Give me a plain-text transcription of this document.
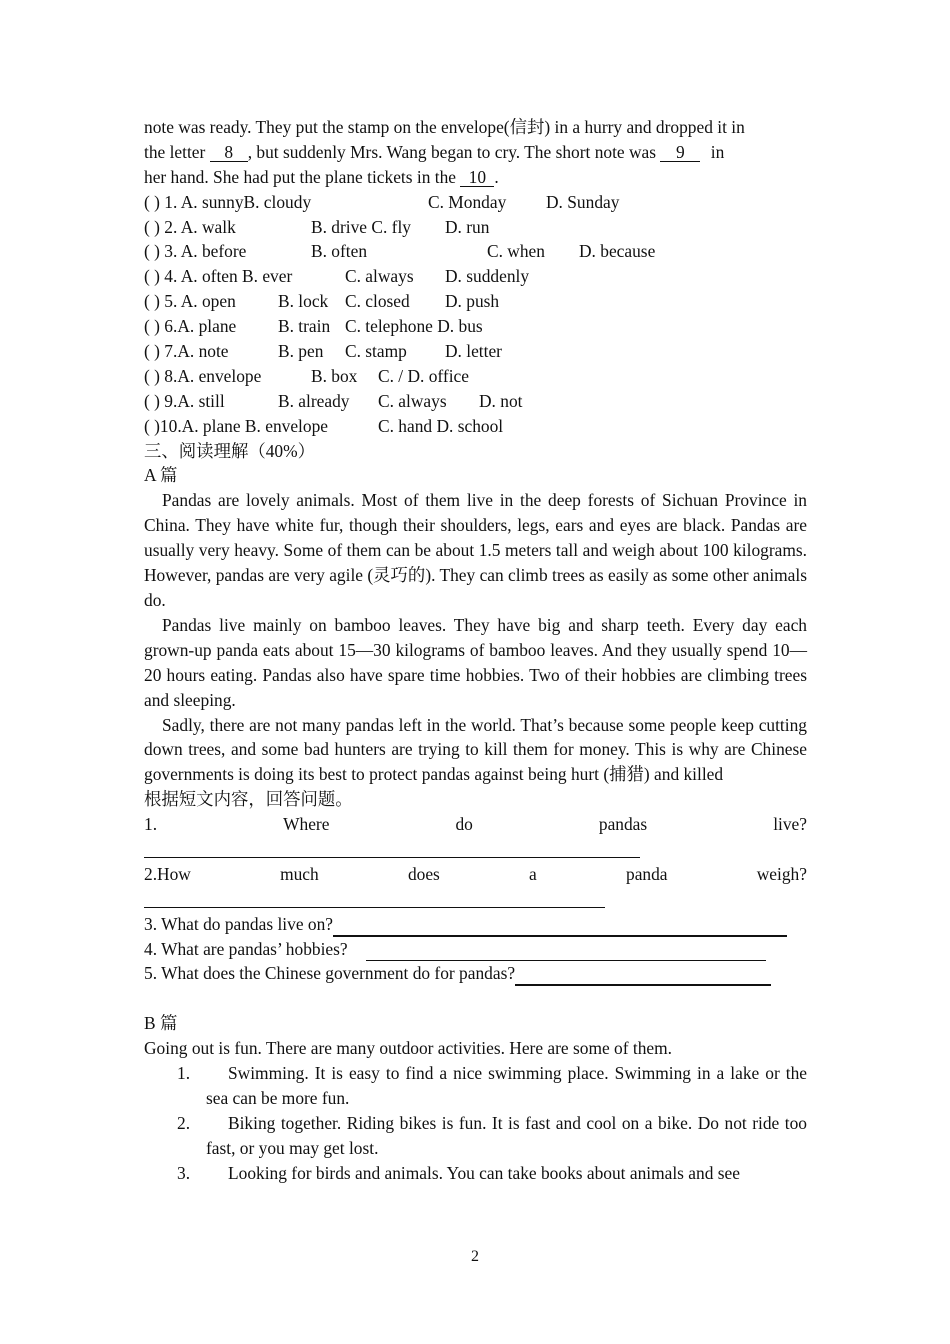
note was ready. They put the stamp on the envelope(信封) in a hurry and dropped it in
the letter 8 , but suddenly Mrs. Wang began to cry. The short note was 9 in
her hand. She had put the plane tickets in the 10 .
( ) 1. A. sunnyB. cloudy	C. Monday D. Sunday
( ) 2. A. walk	B. drive C. fly D. run
( ) 3. A. before	B. often	C. when D. because
( ) 4. A. often B. ever	C. always D. suddenly
( ) 5. A. open B. lock C. closed D. push
( ) 6.A. plane B. train C. telephone D. bus
( ) 7.A. note	B. pen C. stamp D. letter
( ) 8.A. envelope	B. box C. / D. office
( ) 9.A. still	B. already C. always D. not
( )10.A. plane B. envelope	C. hand D. school
三、阅读理解（40%）
A 篇
Pandas are lovely animals. Most of them live in the deep forests of Sichuan Province in China. They have white fur, though their shoulders, legs, ears and eyes are black. Pandas are usually very heavy. Some of them can be about 1.5 meters tall and weigh about 100 kilograms. However, pandas are very agile (灵巧的). They can climb trees as easily as some other animals do.
Pandas live mainly on bamboo leaves. They have big and sharp teeth. Every day each grown-up panda eats about 15—30 kilograms of bamboo leaves. And they usually spend 10—20 hours eating. Pandas also have spare time hobbies. Two of their hobbies are climbing trees and sleeping.
Sadly, there are not many pandas left in the world. That’s because some people keep cutting down trees, and some bad hunters are trying to kill them for money. This is why are Chinese governments is doing its best to protect pandas against being hurt (捕猎) and killed
根据短文内容，回答问题。
1.	Where	do	pandas	live?
2.How	much	does	a	panda	weigh?
3. What do pandas live on?
4. What are pandas’ hobbies?
5. What does the Chinese government do for pandas?
B 篇
Going out is fun. There are many outdoor activities. Here are some of them.
1.	Swimming. It is easy to find a nice swimming place. Swimming in a lake or the sea can be more fun.
2.	Biking together. Riding bikes is fun. It is fast and cool on a bike. Do not ride too fast, or you may get lost.
3.	Looking for birds and animals. You can take books about animals and see
2
